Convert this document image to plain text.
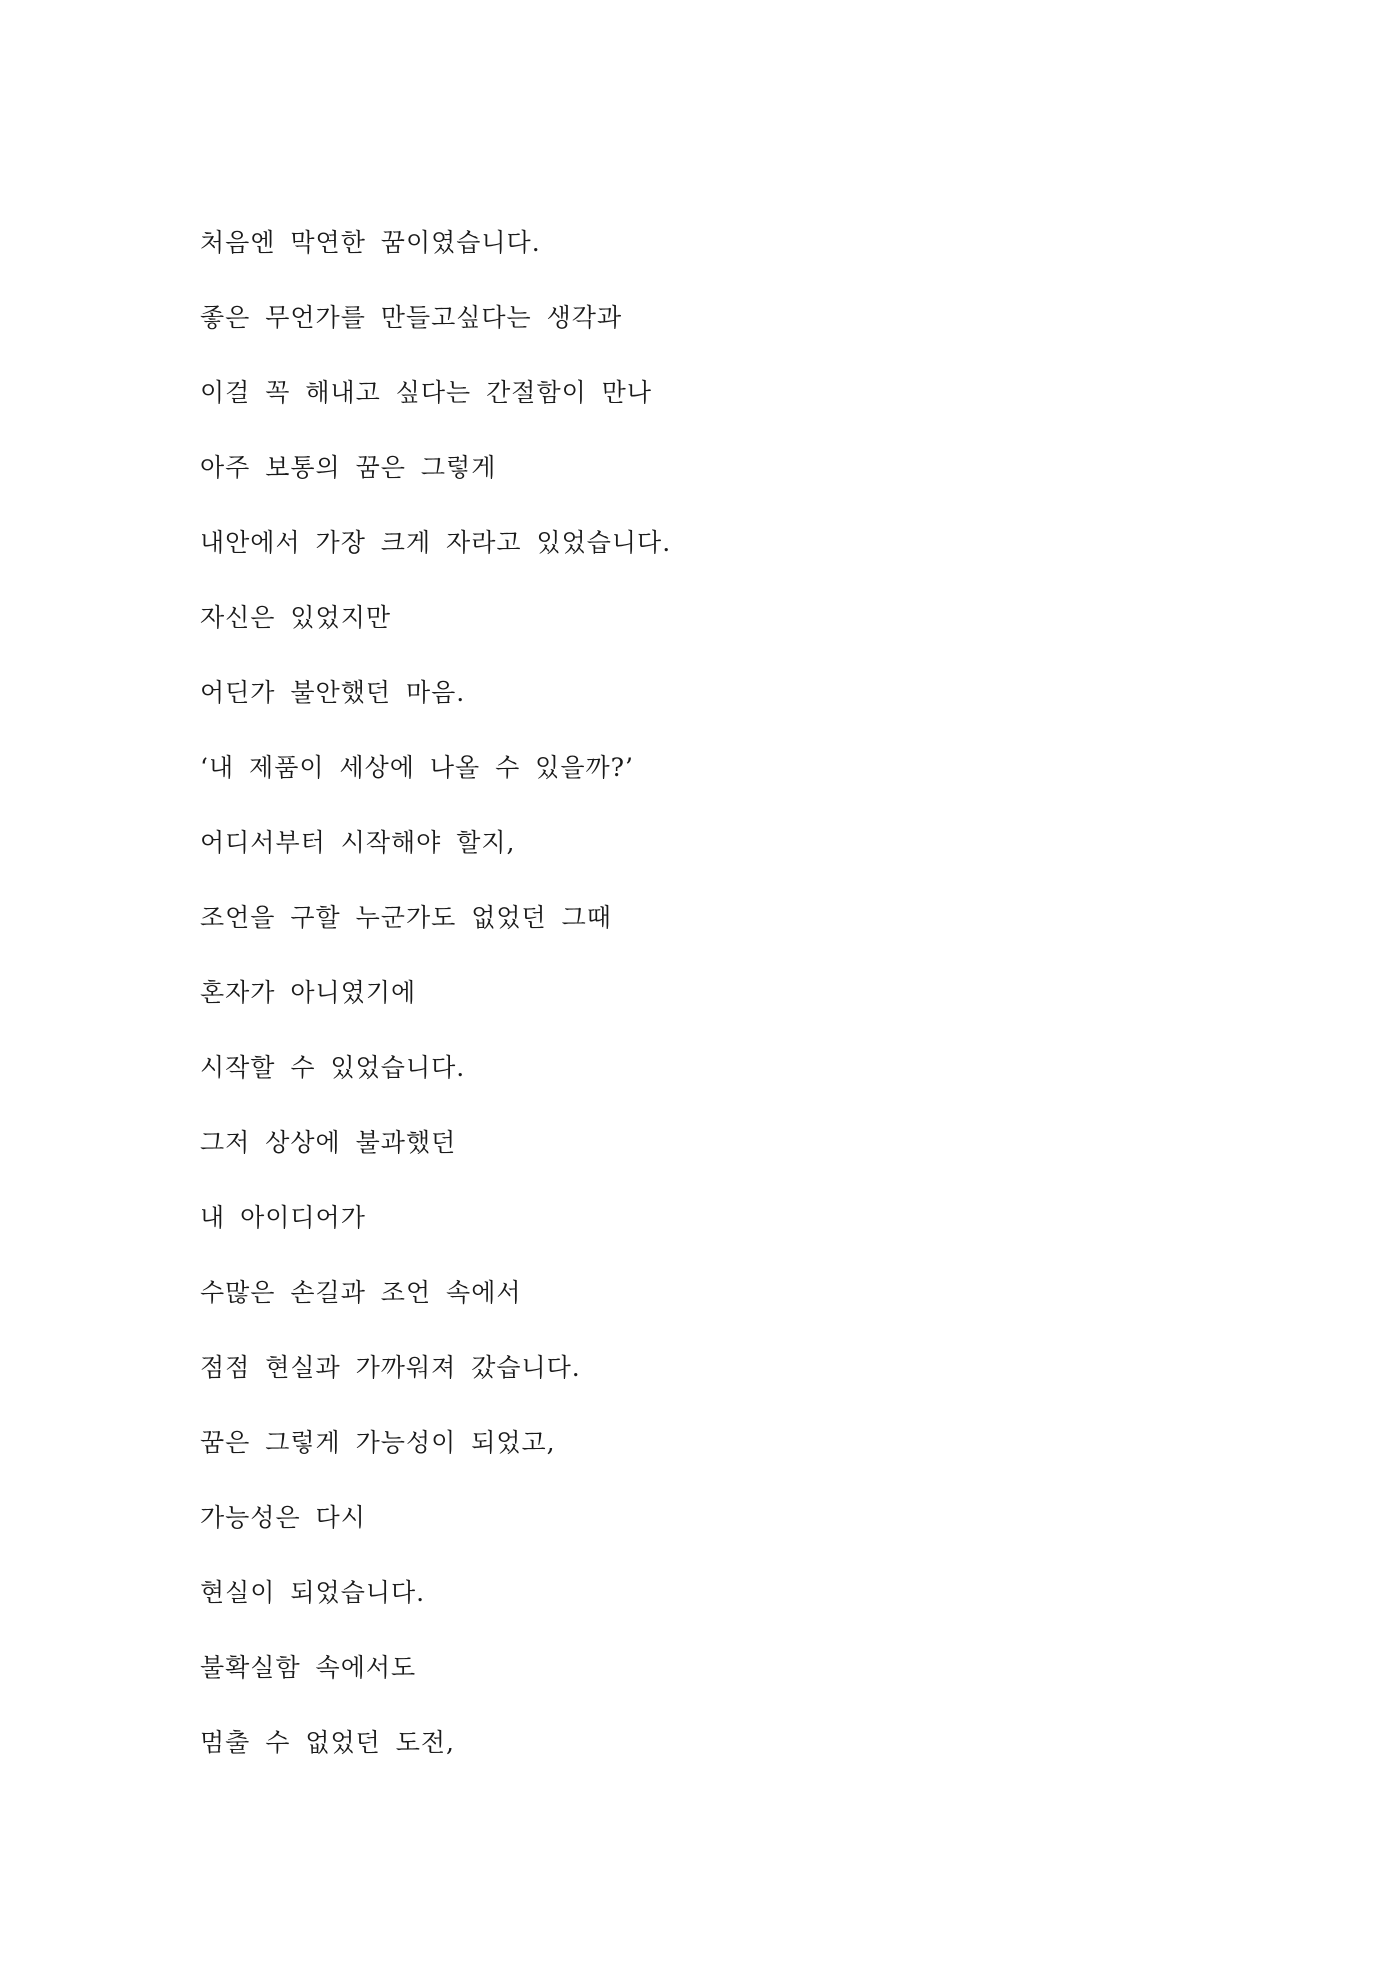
처음엔 막연한 꿈이였습니다.
좋은 무언가를 만들고싶다는 생각과
이걸 꼭 해내고 싶다는 간절함이 만나
아주 보통의 꿈은 그렇게
내안에서 가장 크게 자라고 있었습니다.
자신은 있었지만
어딘가 불안했던 마음.
‘내 제품이 세상에 나올 수 있을까?’
어디서부터 시작해야 할지,
조언을 구할 누군가도 없었던 그때
혼자가 아니였기에
시작할 수 있었습니다.
그저 상상에 불과했던
내 아이디어가
수많은 손길과 조언 속에서
점점 현실과 가까워져 갔습니다.
꿈은 그렇게 가능성이 되었고,
가능성은 다시
현실이 되었습니다.
불확실함 속에서도
멈출 수 없었던 도전,
